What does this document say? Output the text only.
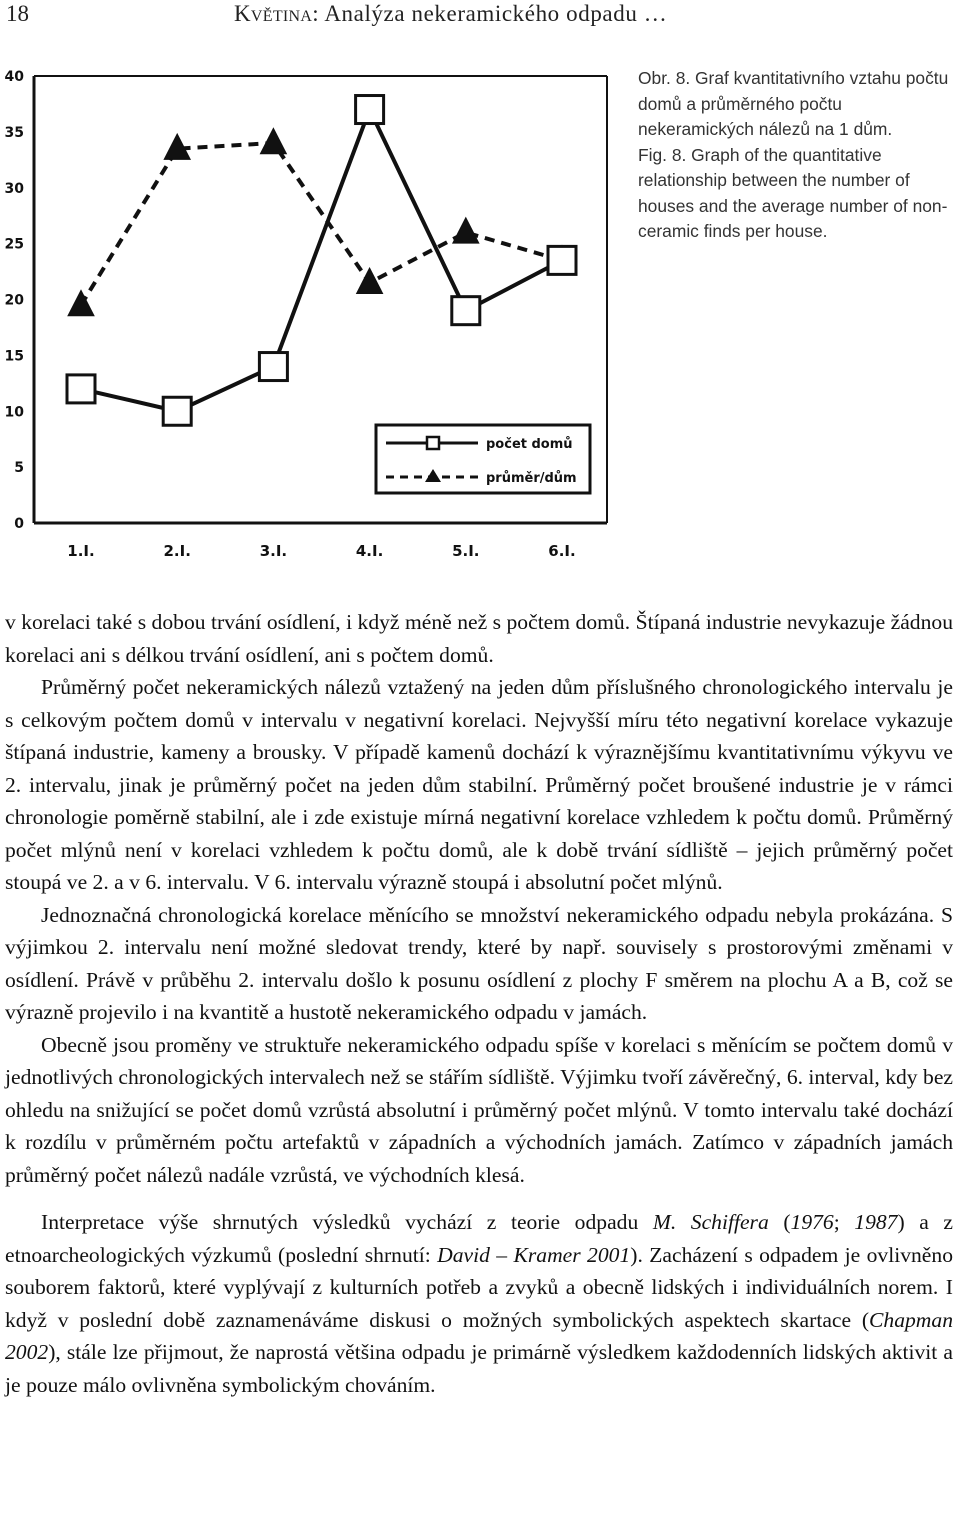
18	Květina: Analýza nekeramického odpadu …
0
5
10
15
20
25
30
35
40
1.I.	2.I.	3.I.	4.I.	5.I.	6.I.
počet domů
průměr/dům

Obr. 8. Graf kvantitativního vztahu počtu domů a průměrného počtu nekeramických nálezů na 1 dům.

Fig. 8. Graph of the quantitative relationship between the number of houses and the average number of non-ceramic finds per house.

v korelaci také s dobou trvání osídlení, i když méně než s počtem domů. Štípaná industrie nevykazuje žádnou korelaci ani s délkou trvání osídlení, ani s počtem domů.

Průměrný počet nekeramických nálezů vztažený na jeden dům příslušného chronologického intervalu je s celkovým počtem domů v intervalu v negativní korelaci. Nejvyšší míru této negativní korelace vykazuje štípaná industrie, kameny a brousky. V případě kamenů dochází k výraznějšímu kvantitativnímu výkyvu ve 2. intervalu, jinak je průměrný počet na jeden dům stabilní. Průměrný počet broušené industrie je v rámci chronologie poměrně stabilní, ale i zde existuje mírná negativní korelace vzhledem k počtu domů. Průměrný počet mlýnů není v korelaci vzhledem k počtu domů, ale k době trvání sídliště – jejich průměrný počet stoupá ve 2. a v 6. intervalu. V 6. intervalu výrazně stoupá i absolutní počet mlýnů.

Jednoznačná chronologická korelace měnícího se množství nekeramického odpadu nebyla prokázána. S výjimkou 2. intervalu není možné sledovat trendy, které by např. souvisely s prostorovými změnami v osídlení. Právě v průběhu 2. intervalu došlo k posunu osídlení z plochy F směrem na plochu A a B, což se výrazně projevilo i na kvantitě a hustotě nekeramického odpadu v jamách.

Obecně jsou proměny ve struktuře nekeramického odpadu spíše v korelaci s měnícím se počtem domů v jednotlivých chronologických intervalech než se stářím sídliště. Výjimku tvoří závěrečný, 6. interval, kdy bez ohledu na snižující se počet domů vzrůstá absolutní i průměrný počet mlýnů. V tomto intervalu také dochází k rozdílu v průměrném počtu artefaktů v západních a východních jamách. Zatímco v západních jamách průměrný počet nálezů nadále vzrůstá, ve východních klesá.

Interpretace výše shrnutých výsledků vychází z teorie odpadu M. Schiffera (1976; 1987) a z etnoarcheologických výzkumů (poslední shrnutí: David – Kramer 2001). Zacházení s odpadem je ovlivněno souborem faktorů, které vyplývají z kulturních potřeb a zvyků a obecně lidských i individuálních norem. I když v poslední době zaznamenáváme diskusi o možných symbolických aspektech skartace (Chapman 2002), stále lze přijmout, že naprostá většina odpadu je primárně výsledkem každodenních lidských aktivit a je pouze málo ovlivněna symbolickým chováním.
